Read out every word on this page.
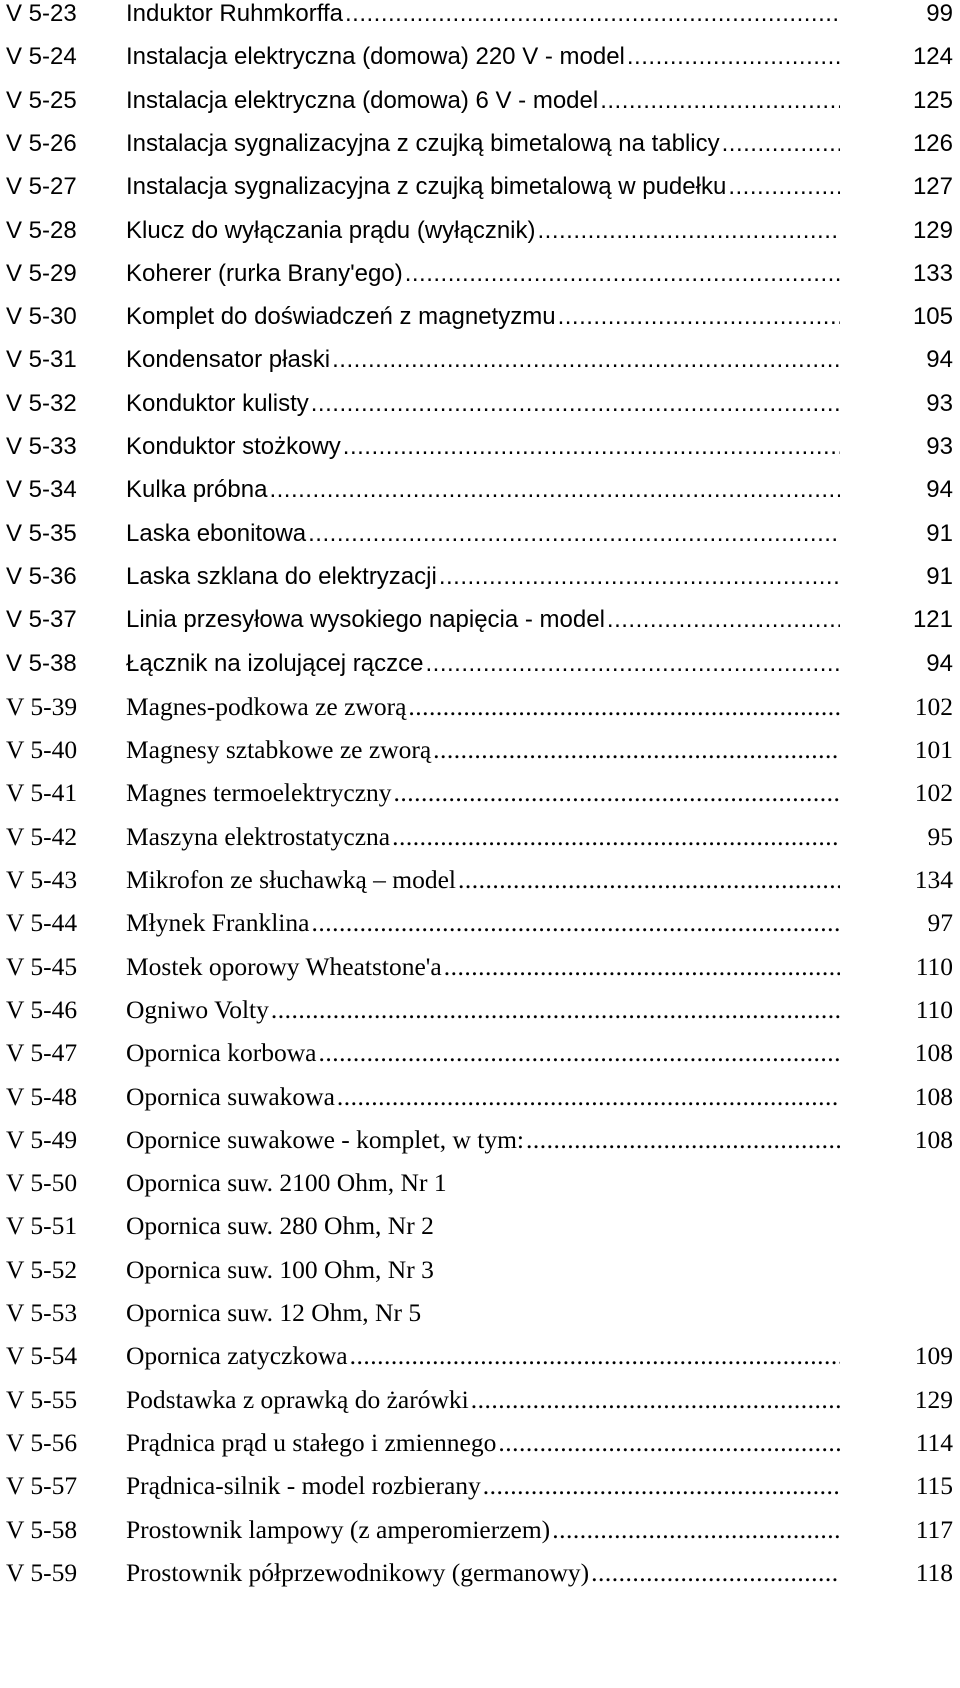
V 5-23 Induktor Ruhmkorffa .....	99
V 5-24 Instalacja elektryczna (domowa) 220 V - model .....	124
V 5-25 Instalacja elektryczna (domowa) 6 V - model .....	125
V 5-26 Instalacja sygnalizacyjna z czujką bimetalową na tablicy .....	126
V 5-27 Instalacja sygnalizacyjna z czujką bimetalową w pudełku .....	127
V 5-28 Klucz do wyłączania prądu (wyłącznik) .....	129
V 5-29 Koherer (rurka Brany'ego) .....	133
V 5-30 Komplet do doświadczeń z magnetyzmu .....	105
V 5-31 Kondensator płaski .....	94
V 5-32 Konduktor kulisty .....	93
V 5-33 Konduktor stożkowy .....	93
V 5-34 Kulka próbna .....	94
V 5-35 Laska ebonitowa .....	91
V 5-36 Laska szklana do elektryzacji .....	91
V 5-37 Linia przesyłowa wysokiego napięcia - model .....	121
V 5-38 Łącznik na izolującej rączce .....	94
V 5-39 Magnes-podkowa ze zworą .....	102
V 5-40 Magnesy sztabkowe ze zworą .....	101
V 5-41 Magnes termoelektryczny .....	102
V 5-42 Maszyna elektrostatyczna .....	95
V 5-43 Mikrofon ze słuchawką – model .....	134
V 5-44 Młynek Franklina .....	97
V 5-45 Mostek oporowy Wheatstone'a .....	110
V 5-46 Ogniwo Volty .....	110
V 5-47 Opornica korbowa .....	108
V 5-48 Opornica suwakowa .....	108
V 5-49 Opornice suwakowe - komplet, w tym: .....	108
V 5-50 Opornica suw. 2100 Ohm, Nr 1
V 5-51 Opornica suw. 280 Ohm, Nr 2
V 5-52 Opornica suw. 100 Ohm, Nr 3
V 5-53 Opornica suw. 12 Ohm, Nr 5
V 5-54 Opornica zatyczkowa .....	109
V 5-55 Podstawka z oprawką do żarówki .....	129
V 5-56 Prądnica prąd u stałego i zmiennego .....	114
V 5-57 Prądnica-silnik - model rozbierany .....	115
V 5-58 Prostownik lampowy (z amperomierzem) .....	117
V 5-59 Prostownik półprzewodnikowy (germanowy) .....	118
